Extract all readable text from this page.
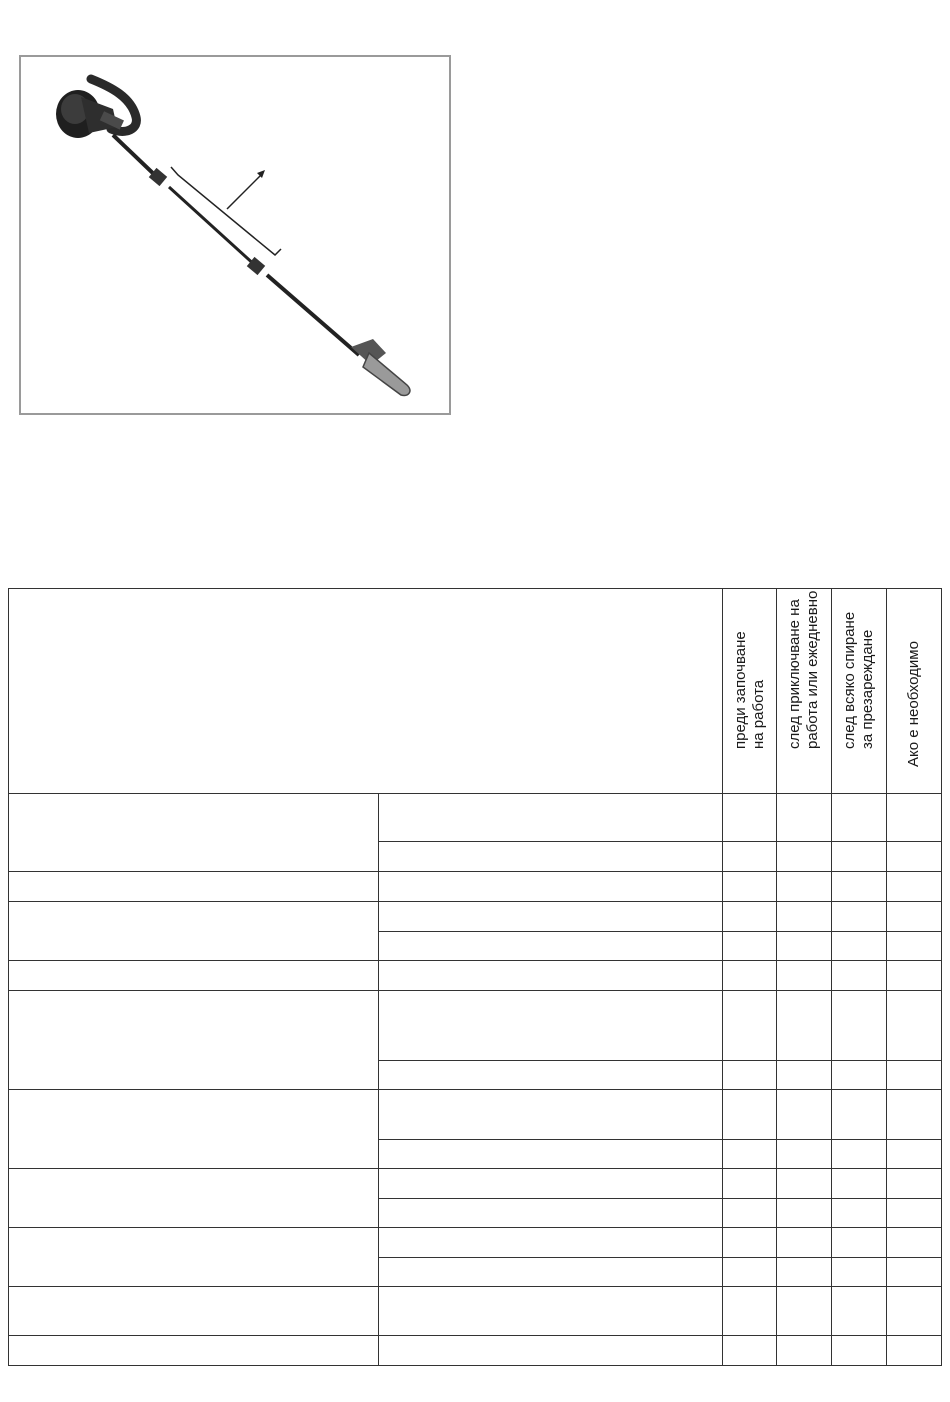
		преди започване на работа	след приключване на работа или ежедневно	след всяко спиране за презареждане	Ако е необходимо
